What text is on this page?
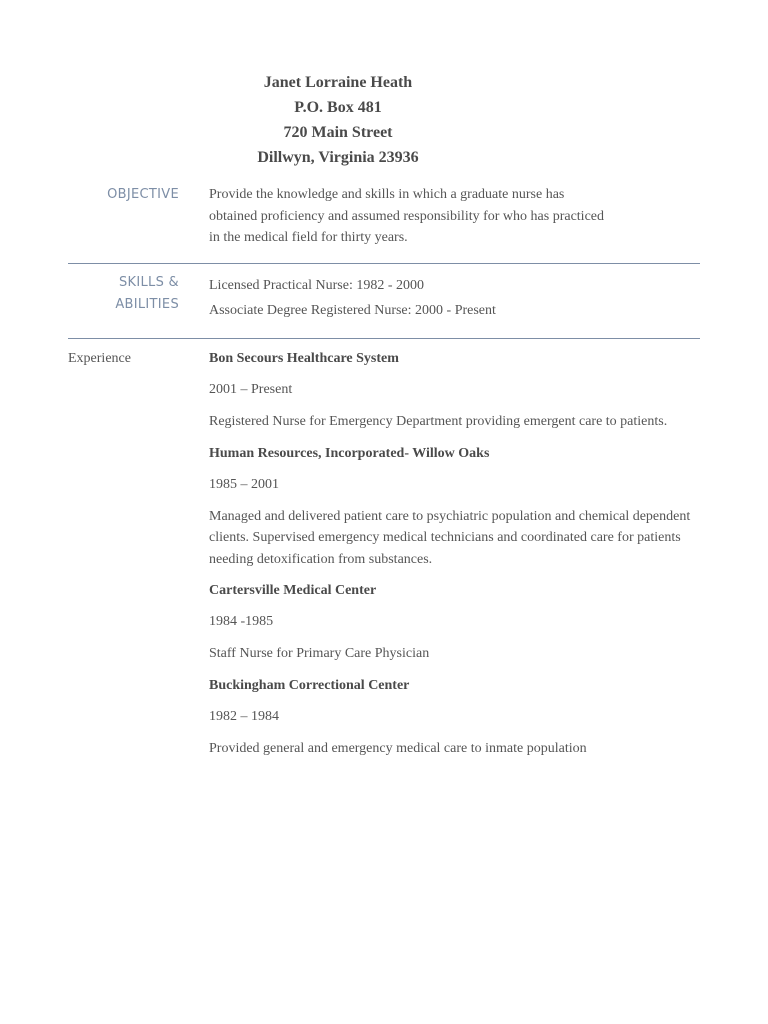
Janet Lorraine Heath
P.O. Box 481
720 Main Street
Dillwyn, Virginia 23936
OBJECTIVE Provide the knowledge and skills in which a graduate nurse has obtained proficiency and assumed responsibility for who has practiced in the medical field for thirty years.
SKILLS &
ABILITIES
Licensed Practical Nurse: 1982 - 2000
Associate Degree Registered Nurse: 2000 - Present
Experience	Bon Secours Healthcare System
2001 – Present
Registered Nurse for Emergency Department providing emergent care to patients.
Human Resources, Incorporated- Willow Oaks
1985 – 2001
Managed and delivered patient care to psychiatric population and chemical dependent clients. Supervised emergency medical technicians and coordinated care for patients needing detoxification from substances.
Cartersville Medical Center
1984 -1985
Staff Nurse for Primary Care Physician
Buckingham Correctional Center
1982 – 1984
Provided general and emergency medical care to inmate population
